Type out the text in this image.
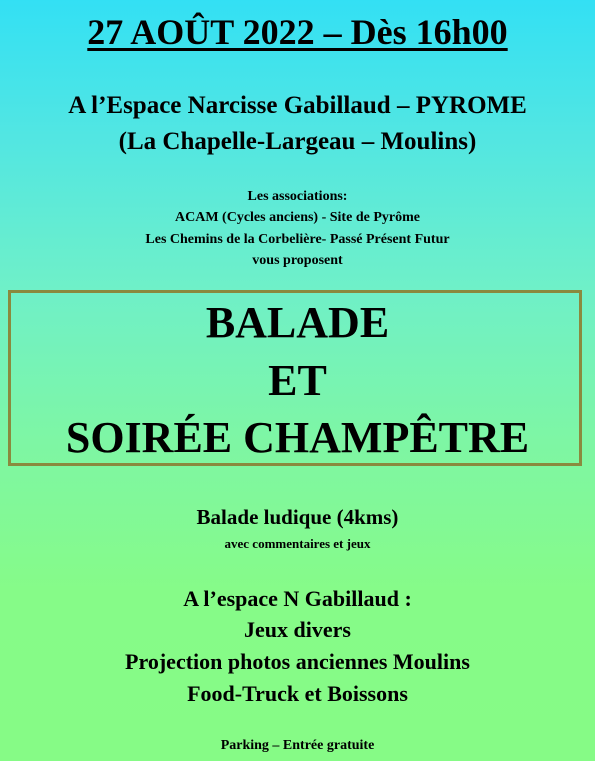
27 AOÛT 2022 – Dès 16h00
A l’Espace Narcisse Gabillaud – PYROME
(La Chapelle-Largeau – Moulins)
Les associations:
ACAM (Cycles anciens) - Site de Pyrôme
Les Chemins de la Corbelière- Passé Présent Futur
vous proposent
BALADE
ET
SOIRÉE CHAMPÊTRE
Balade ludique (4kms)
avec commentaires et jeux
A l’espace N Gabillaud :
Jeux divers
Projection photos anciennes Moulins
Food-Truck et Boissons
Parking – Entrée gratuite
